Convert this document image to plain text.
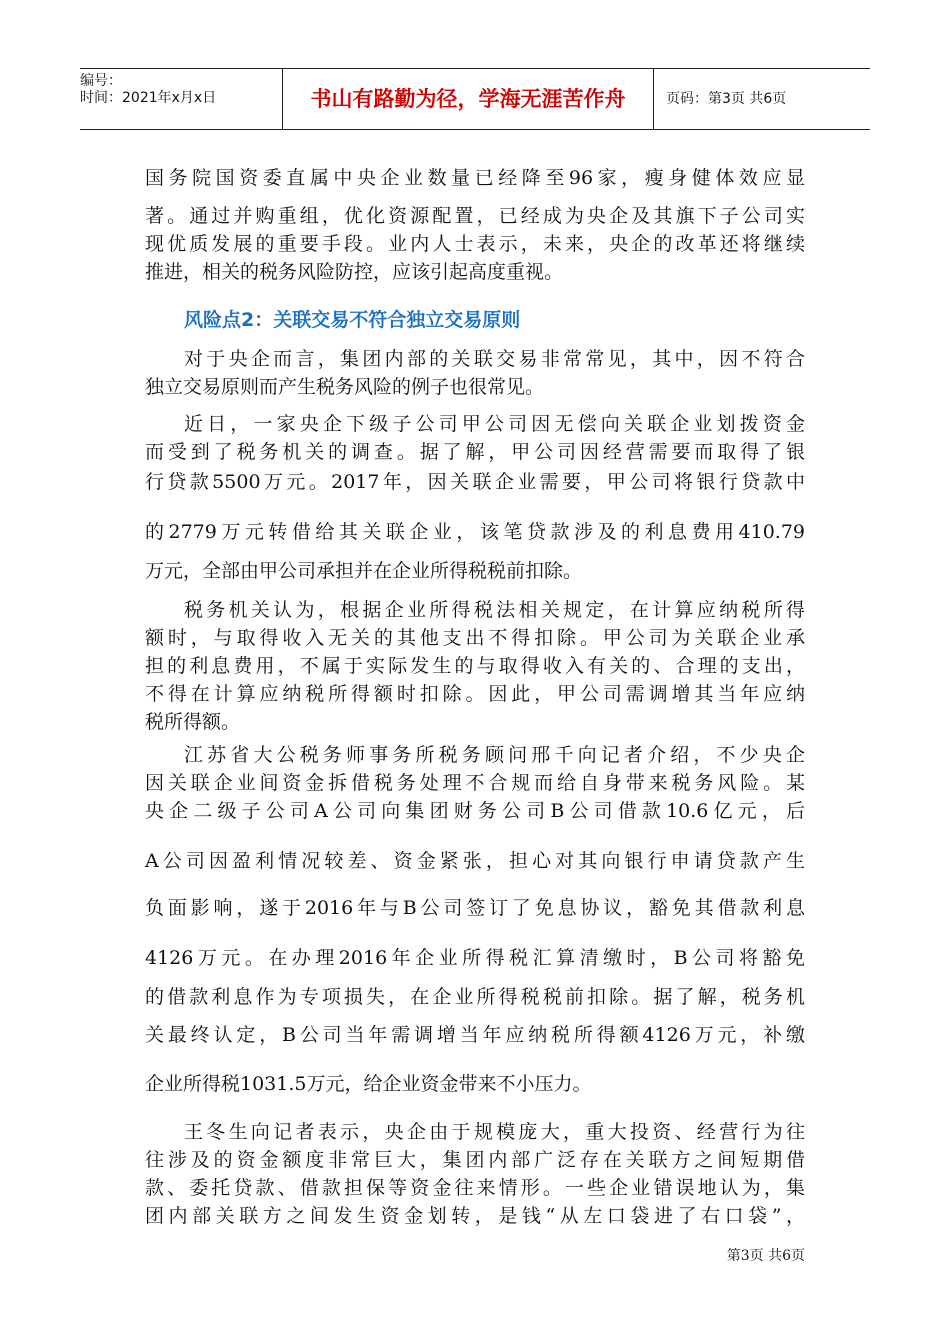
编号：
时间：2021年x月x日	书山有路勤为径，学海无涯苦作舟	页码：第3页 共6页
国务院国资委直属中央企业数量已经降至96家，瘦身健体效应显
著。通过并购重组，优化资源配置，已经成为央企及其旗下子公司实
现优质发展的重要手段。业内人士表示，未来，央企的改革还将继续
推进，相关的税务风险防控，应该引起高度重视。
风险点2：关联交易不符合独立交易原则
对于央企而言，集团内部的关联交易非常常见，其中，因不符合
独立交易原则而产生税务风险的例子也很常见。
近日，一家央企下级子公司甲公司因无偿向关联企业划拨资金
而受到了税务机关的调查。据了解，甲公司因经营需要而取得了银
行贷款5500万元。2017年，因关联企业需要，甲公司将银行贷款中
的2779万元转借给其关联企业，该笔贷款涉及的利息费用410.79
万元，全部由甲公司承担并在企业所得税税前扣除。
税务机关认为，根据企业所得税法相关规定，在计算应纳税所得
额时，与取得收入无关的其他支出不得扣除。甲公司为关联企业承
担的利息费用，不属于实际发生的与取得收入有关的、合理的支出，
不得在计算应纳税所得额时扣除。因此，甲公司需调增其当年应纳
税所得额。
江苏省大公税务师事务所税务顾问邢千向记者介绍，不少央企
因关联企业间资金拆借税务处理不合规而给自身带来税务风险。某
央企二级子公司A公司向集团财务公司B公司借款10.6亿元，后
A公司因盈利情况较差、资金紧张，担心对其向银行申请贷款产生
负面影响，遂于2016年与B公司签订了免息协议，豁免其借款利息
4126万元。在办理2016年企业所得税汇算清缴时，B公司将豁免
的借款利息作为专项损失，在企业所得税税前扣除。据了解，税务机
关最终认定，B公司当年需调增当年应纳税所得额4126万元，补缴
企业所得税1031.5万元，给企业资金带来不小压力。
王冬生向记者表示，央企由于规模庞大，重大投资、经营行为往
往涉及的资金额度非常巨大，集团内部广泛存在关联方之间短期借
款、委托贷款、借款担保等资金往来情形。一些企业错误地认为，集
团内部关联方之间发生资金划转，是钱“从左口袋进了右口袋”，
第3页 共6页
